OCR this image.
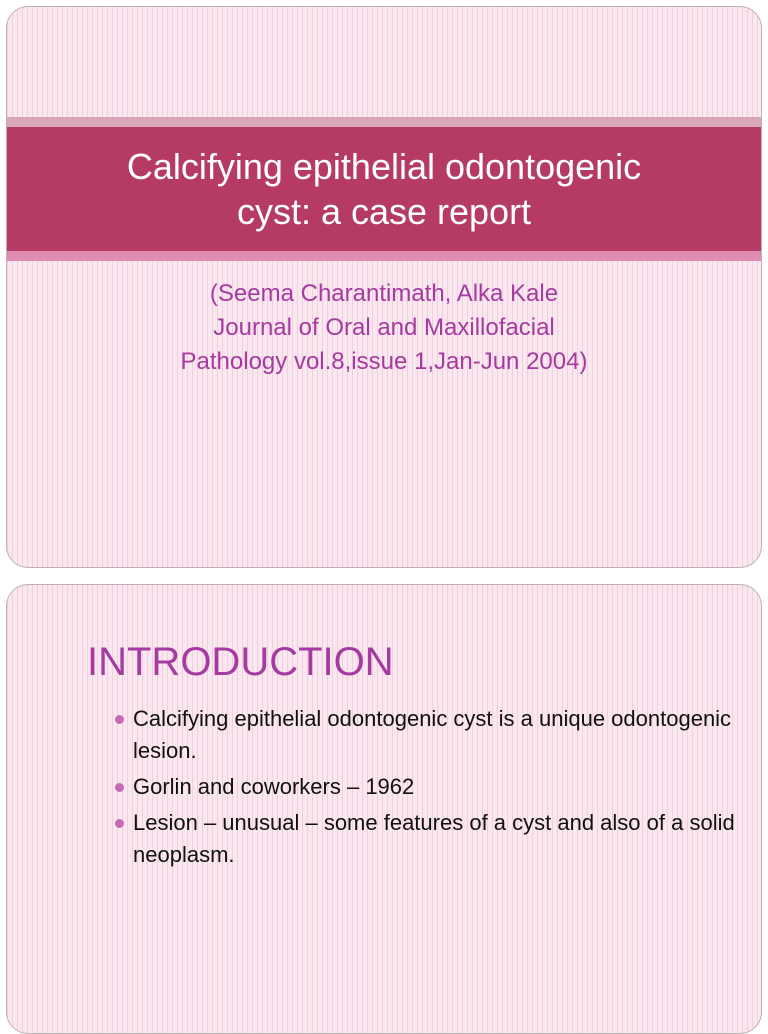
Calcifying epithelial odontogenic
cyst: a case report
(Seema Charantimath, Alka Kale
Journal of Oral and Maxillofacial
Pathology vol.8,issue 1,Jan-Jun 2004)
INTRODUCTION
Calcifying epithelial odontogenic cyst is a unique odontogenic lesion.
Gorlin and coworkers – 1962
Lesion – unusual – some features of a cyst and also of a solid neoplasm.
